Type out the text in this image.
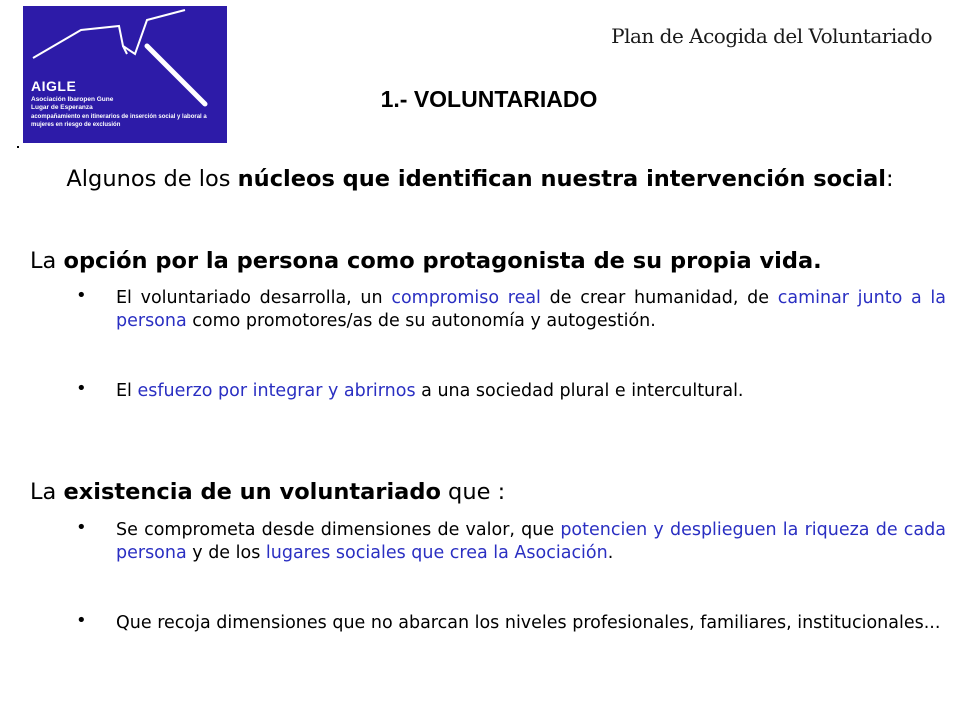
AIGLE
Asociación Ibaropen Gune
Lugar de Esperanza
acompañamiento en itinerarios de inserción social y laboral a mujeres en riesgo de exclusión
Plan de Acogida del Voluntariado
1.- VOLUNTARIADO
Algunos de los núcleos que identifican nuestra intervención social:
La opción por la persona como protagonista de su propia vida.
• El voluntariado desarrolla, un compromiso real de crear humanidad, de caminar junto a la persona como promotores/as de su autonomía y autogestión.
• El esfuerzo por integrar y abrirnos a una sociedad plural e intercultural.
La existencia de un voluntariado que :
• Se comprometa desde dimensiones de valor, que potencien y desplieguen la riqueza de cada persona y de los lugares sociales que crea la Asociación.
• Que recoja dimensiones que no abarcan los niveles profesionales, familiares, institucionales...
